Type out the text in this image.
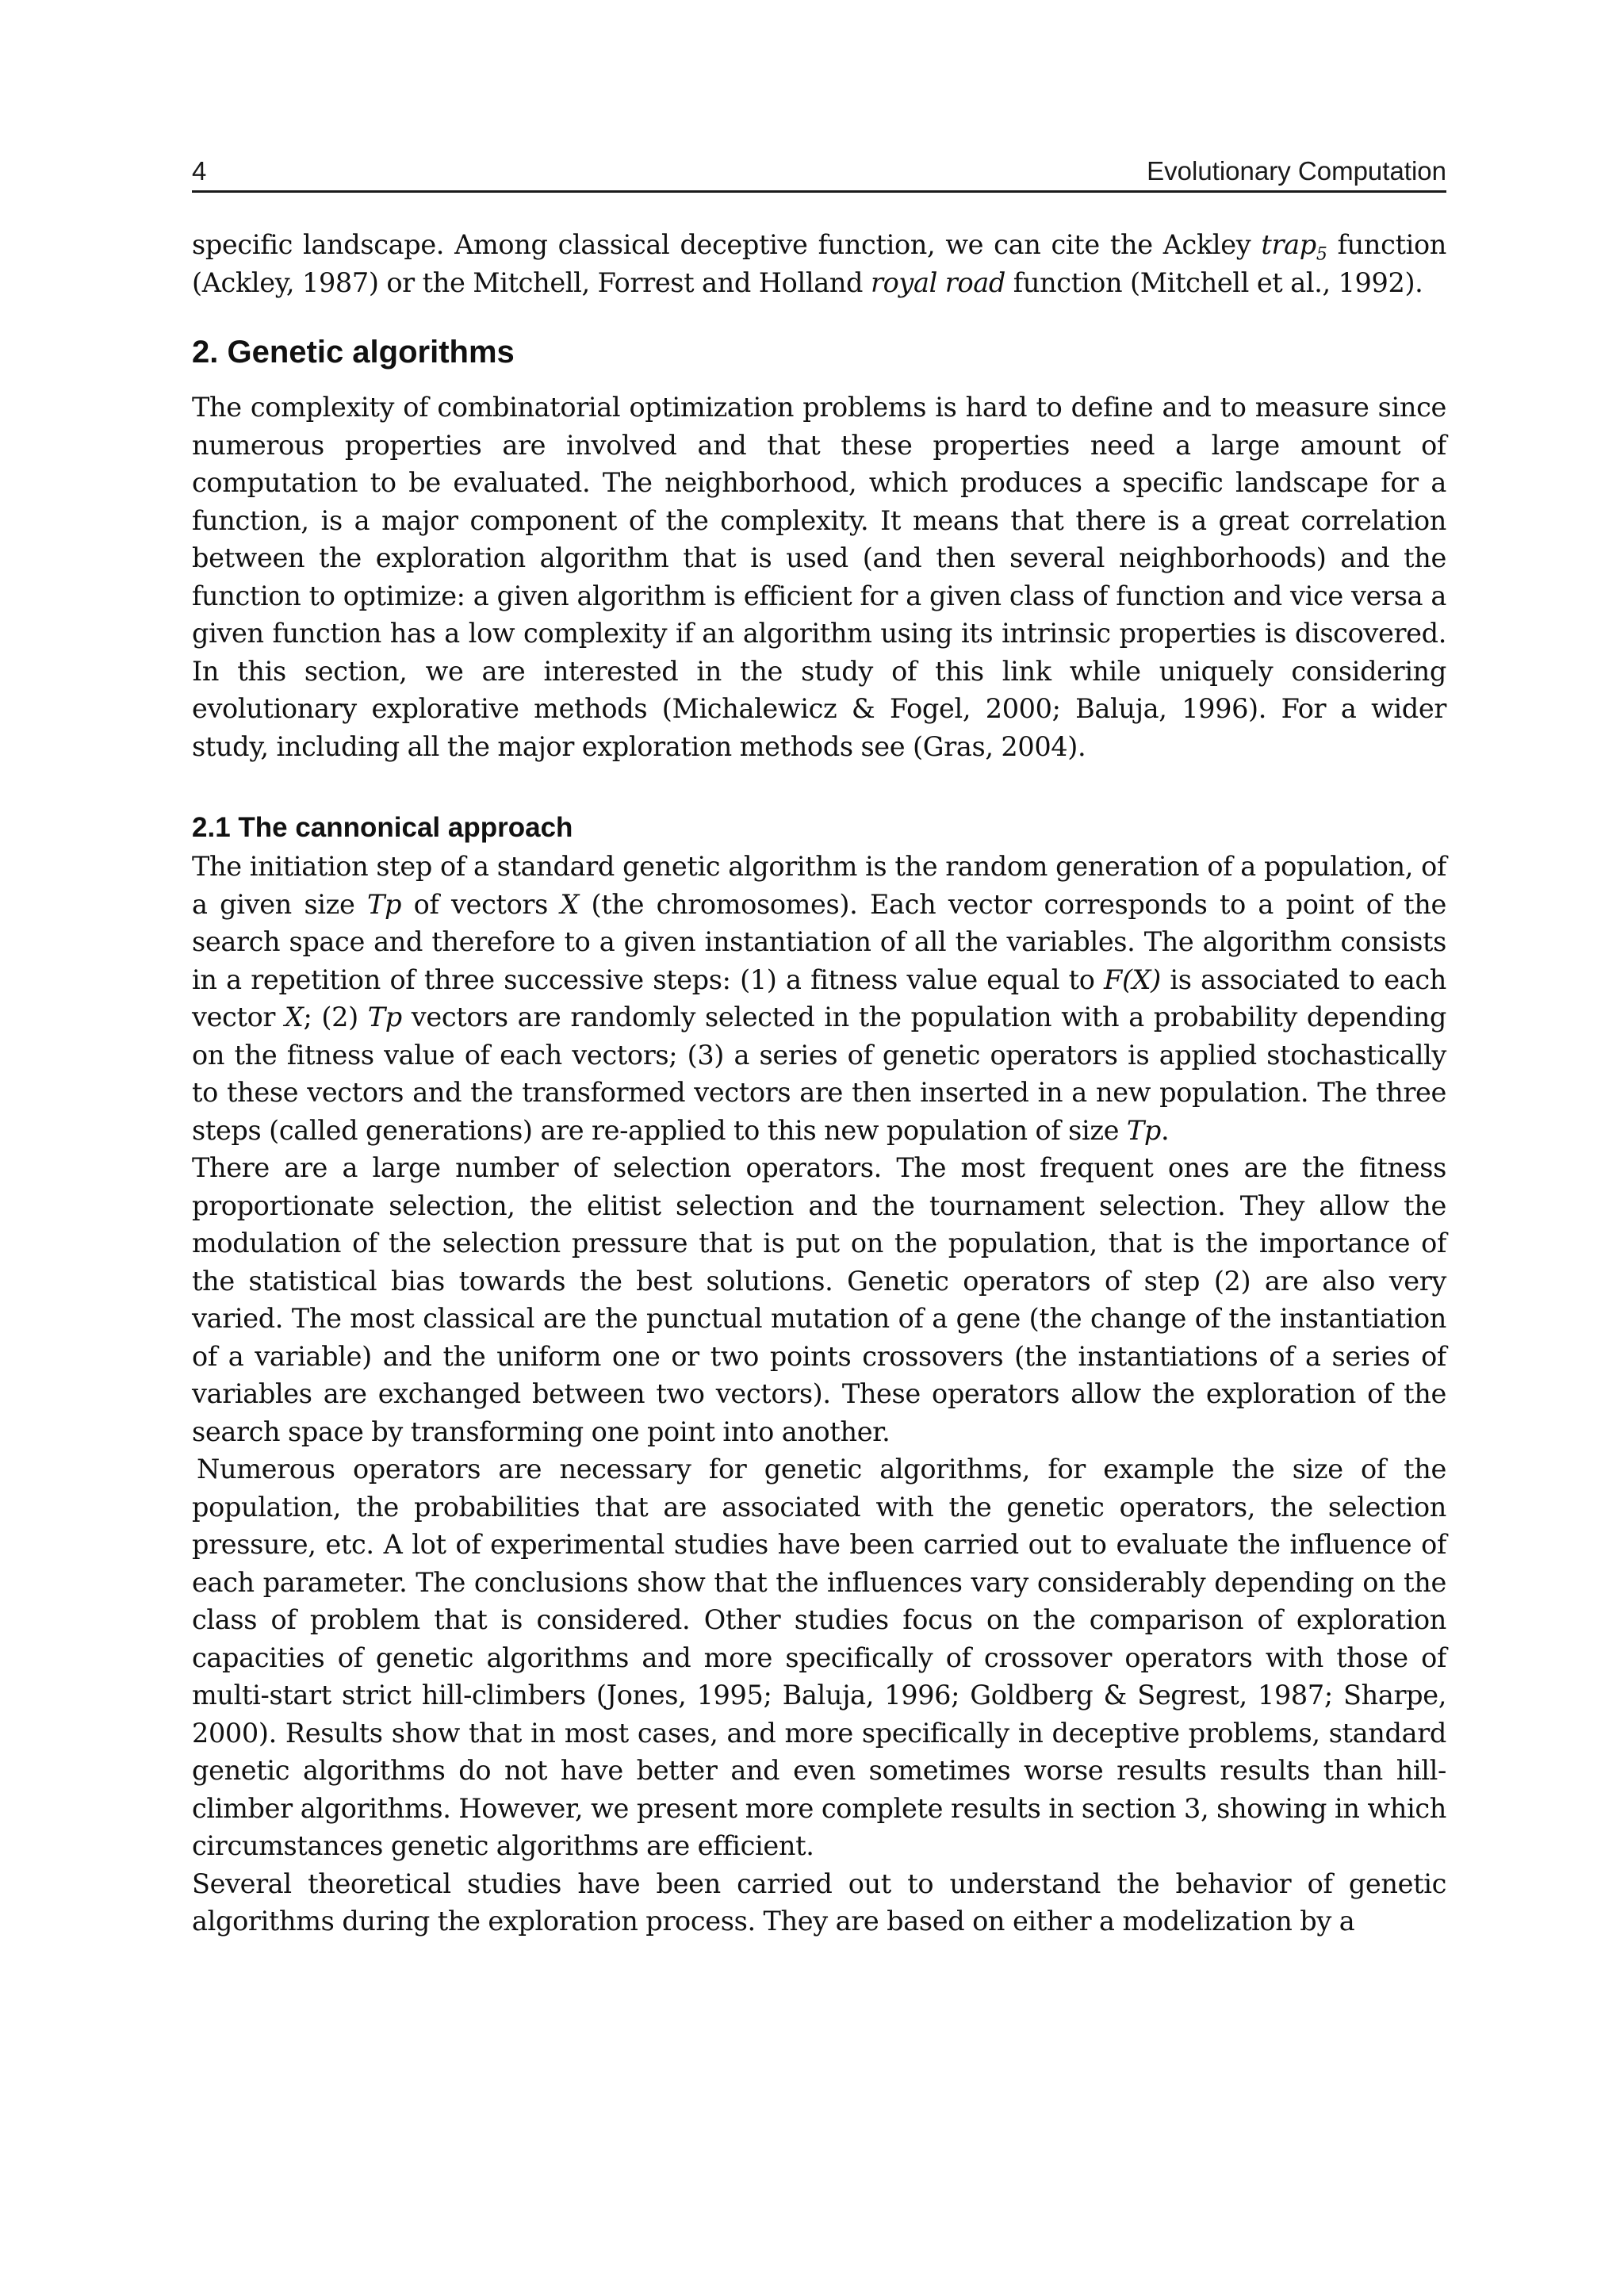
4	Evolutionary Computation

specific landscape. Among classical deceptive function, we can cite the Ackley trap$_5$ function (Ackley, 1987) or the Mitchell, Forrest and Holland royal road function (Mitchell et al., 1992).

2. Genetic algorithms

The complexity of combinatorial optimization problems is hard to define and to measure since numerous properties are involved and that these properties need a large amount of computation to be evaluated. The neighborhood, which produces a specific landscape for a function, is a major component of the complexity. It means that there is a great correlation between the exploration algorithm that is used (and then several neighborhoods) and the function to optimize: a given algorithm is efficient for a given class of function and vice versa a given function has a low complexity if an algorithm using its intrinsic properties is discovered. In this section, we are interested in the study of this link while uniquely considering evolutionary explorative methods (Michalewicz & Fogel, 2000; Baluja, 1996). For a wider study, including all the major exploration methods see (Gras, 2004).

2.1 The cannonical approach

The initiation step of a standard genetic algorithm is the random generation of a population, of a given size Tp of vectors X (the chromosomes). Each vector corresponds to a point of the search space and therefore to a given instantiation of all the variables. The algorithm consists in a repetition of three successive steps: (1) a fitness value equal to F(X) is associated to each vector X; (2) Tp vectors are randomly selected in the population with a probability depending on the fitness value of each vectors; (3) a series of genetic operators is applied stochastically to these vectors and the transformed vectors are then inserted in a new population. The three steps (called generations) are re-applied to this new population of size Tp.

There are a large number of selection operators. The most frequent ones are the fitness proportionate selection, the elitist selection and the tournament selection. They allow the modulation of the selection pressure that is put on the population, that is the importance of the statistical bias towards the best solutions. Genetic operators of step (2) are also very varied. The most classical are the punctual mutation of a gene (the change of the instantiation of a variable) and the uniform one or two points crossovers (the instantiations of a series of variables are exchanged between two vectors). These operators allow the exploration of the search space by transforming one point into another.

Numerous operators are necessary for genetic algorithms, for example the size of the population, the probabilities that are associated with the genetic operators, the selection pressure, etc. A lot of experimental studies have been carried out to evaluate the influence of each parameter. The conclusions show that the influences vary considerably depending on the class of problem that is considered. Other studies focus on the comparison of exploration capacities of genetic algorithms and more specifically of crossover operators with those of multi-start strict hill-climbers (Jones, 1995; Baluja, 1996; Goldberg & Segrest, 1987; Sharpe, 2000). Results show that in most cases, and more specifically in deceptive problems, standard genetic algorithms do not have better and even sometimes worse results results than hill-climber algorithms. However, we present more complete results in section 3, showing in which circumstances genetic algorithms are efficient.

Several theoretical studies have been carried out to understand the behavior of genetic algorithms during the exploration process. They are based on either a modelization by a
